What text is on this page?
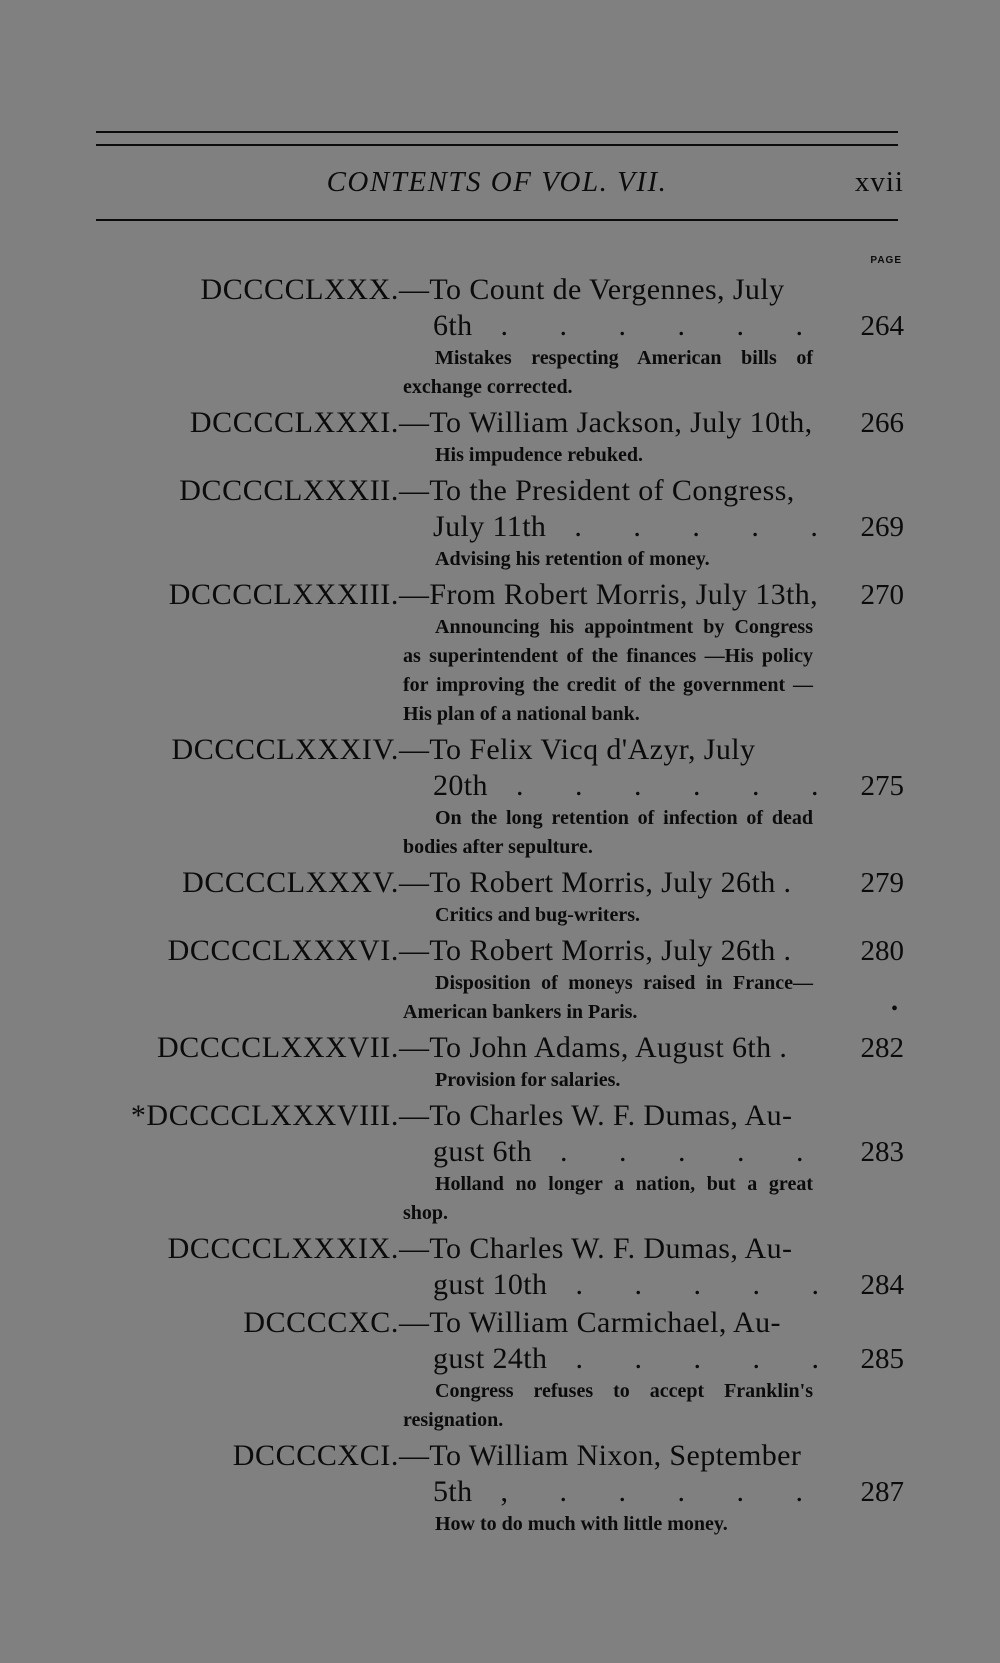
CONTENTS OF VOL. VII.	xvii
PAGE
DCCCCLXXX. —To Count de Vergennes, July
6th . . . . . . 264
Mistakes respecting American bills of exchange corrected.
DCCCCLXXXI. —To William Jackson, July 10th, 266
His impudence rebuked.
DCCCCLXXXII. —To the President of Congress,
July 11th . . . . . 269
Advising his retention of money.
DCCCCLXXXIII. —From Robert Morris, July 13th, 270
Announcing his appointment by Congress as superintendent of the finances —His policy for improving the credit of the government — His plan of a national bank.
DCCCCLXXXIV. —To Felix Vicq d'Azyr, July
20th . . . . . . 275
On the long retention of infection of dead bodies after sepulture.
DCCCCLXXXV. —To Robert Morris, July 26th .	279
Critics and bug-writers.
DCCCCLXXXVI. —To Robert Morris, July 26th .	280
Disposition of moneys raised in France—American bankers in Paris.	•
DCCCCLXXXVII. —To John Adams, August 6th .	282
Provision for salaries.
*DCCCCLXXXVIII. —To Charles W. F. Dumas, Au-
gust 6th . . . . . 283
Holland no longer a nation, but a great shop.
DCCCCLXXXIX. —To Charles W. F. Dumas, Au-
gust 10th . . . . . 284
DCCCCXC. —To William Carmichael, Au-
gust 24th . . . . . 285
Congress refuses to accept Franklin's resignation.
DCCCCXCI. —To William Nixon, September
5th , . . . . . 287
How to do much with little money.
